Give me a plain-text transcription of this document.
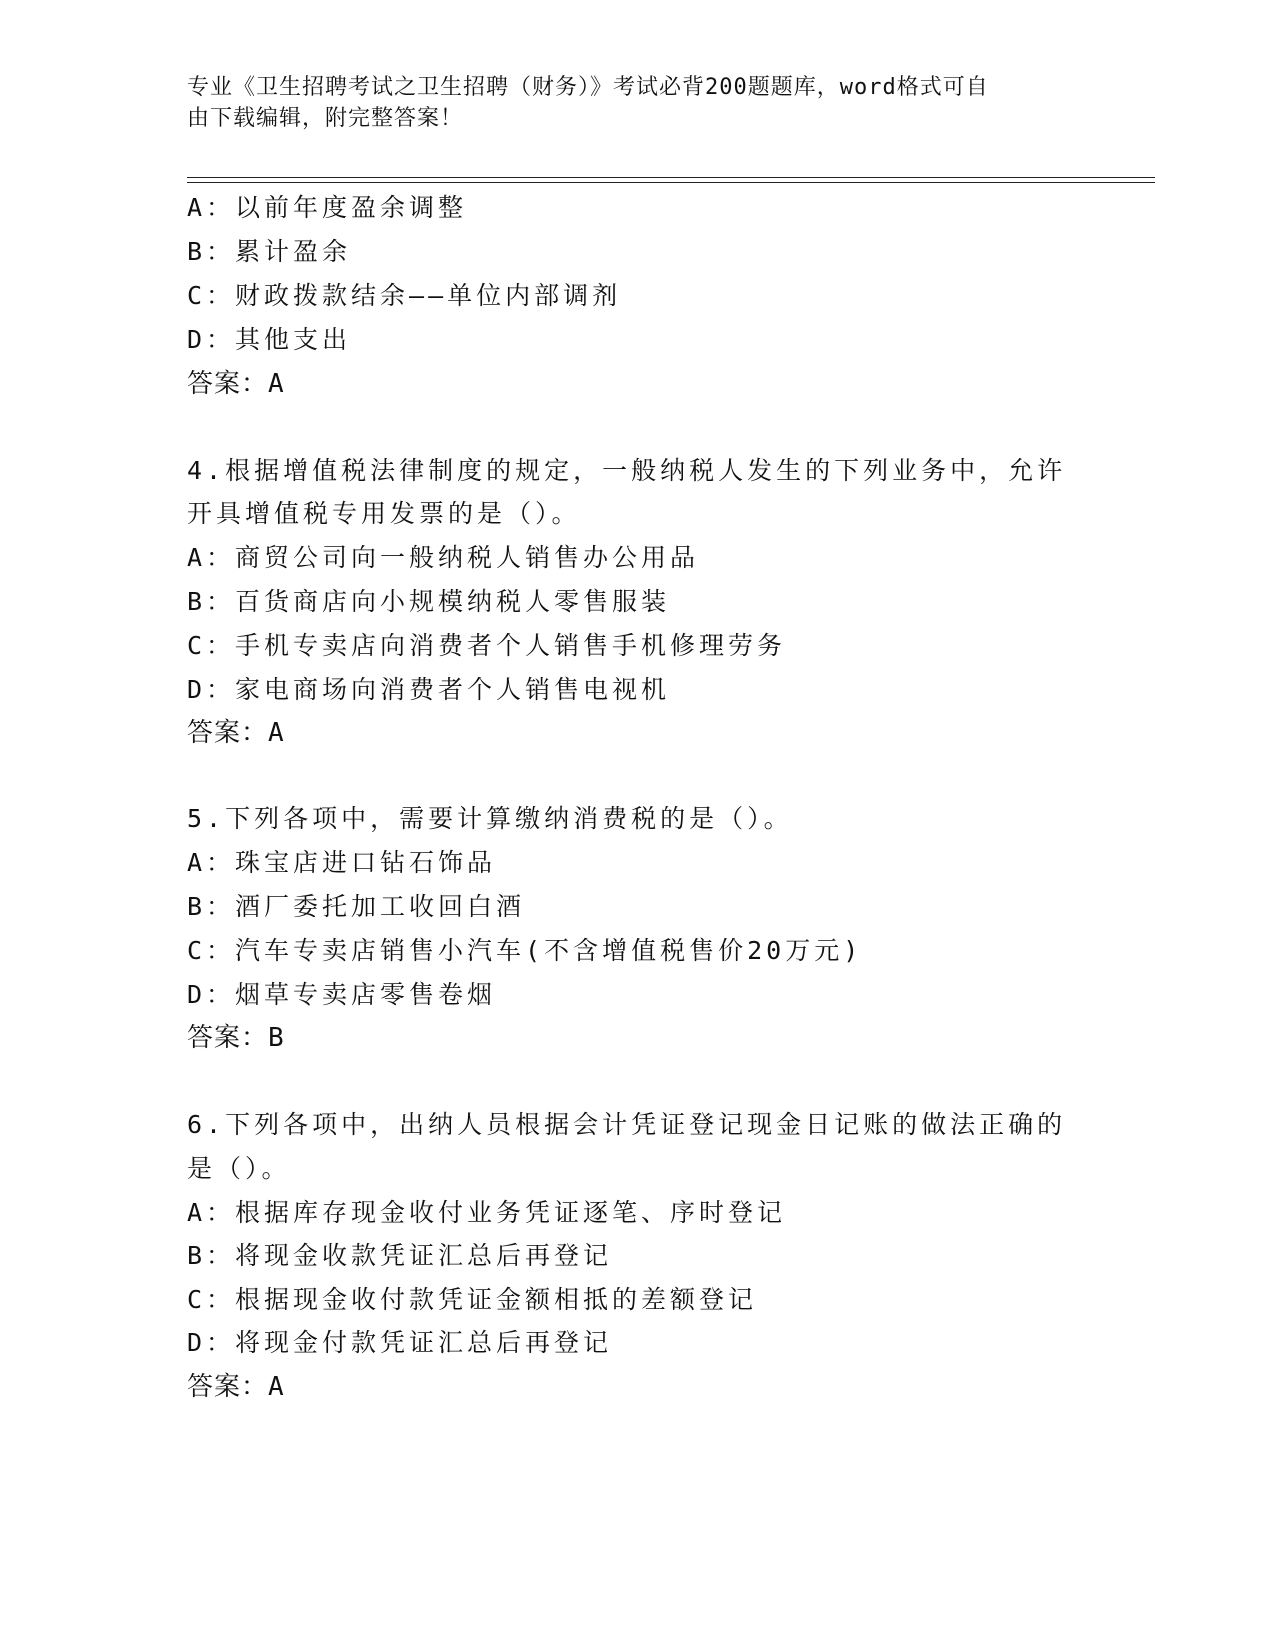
专业《卫生招聘考试之卫生招聘（财务）》考试必背200题题库，word格式可自
由下载编辑，附完整答案！
A：以前年度盈余调整
B：累计盈余
C：财政拨款结余——单位内部调剂
D：其他支出
答案：A
4.根据增值税法律制度的规定，一般纳税人发生的下列业务中，允许
开具增值税专用发票的是（）。
A：商贸公司向一般纳税人销售办公用品
B：百货商店向小规模纳税人零售服装
C：手机专卖店向消费者个人销售手机修理劳务
D：家电商场向消费者个人销售电视机
答案：A
5.下列各项中，需要计算缴纳消费税的是（）。
A：珠宝店进口钻石饰品
B：酒厂委托加工收回白酒
C：汽车专卖店销售小汽车(不含增值税售价20万元)
D：烟草专卖店零售卷烟
答案：B
6.下列各项中，出纳人员根据会计凭证登记现金日记账的做法正确的
是（）。
A：根据库存现金收付业务凭证逐笔、序时登记
B：将现金收款凭证汇总后再登记
C：根据现金收付款凭证金额相抵的差额登记
D：将现金付款凭证汇总后再登记
答案：A
